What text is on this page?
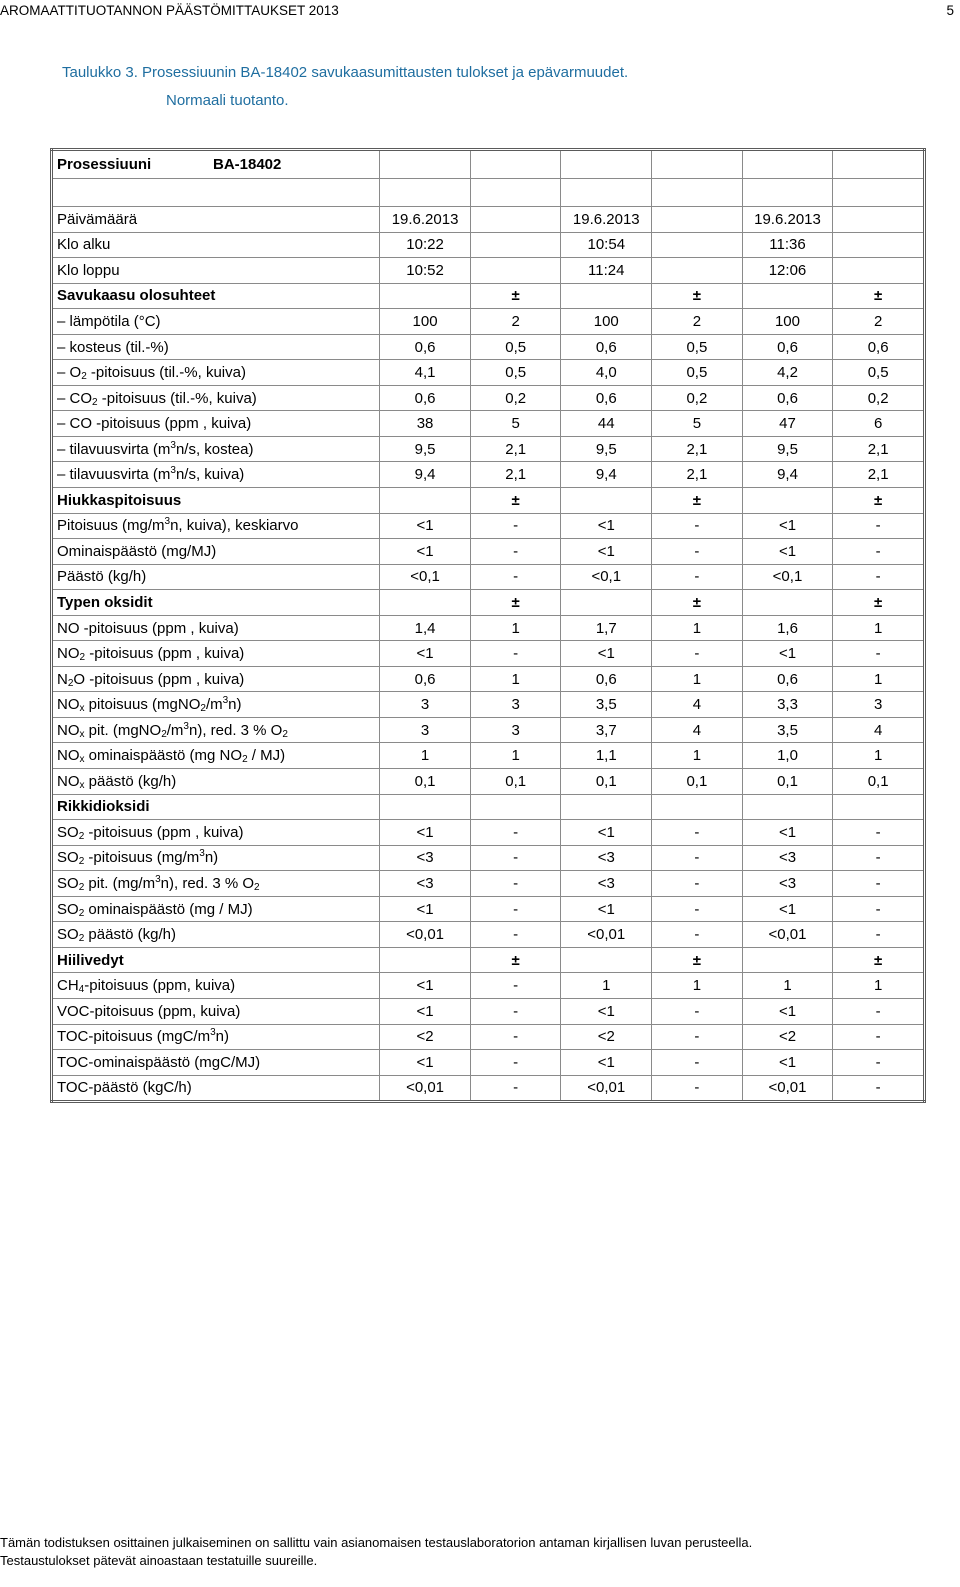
AROMAATTITUOTANNON PÄÄSTÖMITTAUKSET 2013	5
Taulukko 3. Prosessiuunin BA-18402 savukaasumittausten tulokset ja epävarmuudet.
Normaali tuotanto.
Prosessiuuni BA-18402						

Päivämäärä	19.6.2013		19.6.2013		19.6.2013	
Klo alku	10:22		10:54		11:36	
Klo loppu	10:52		11:24		12:06	
Savukaasu olosuhteet		±		±		±
– lämpötila (°C)	100	2	100	2	100	2
– kosteus (til.-%)	0,6	0,5	0,6	0,5	0,6	0,6
– $O_2$ -pitoisuus (til.-%, kuiva)	4,1	0,5	4,0	0,5	4,2	0,5
– $CO_2$ -pitoisuus (til.-%, kuiva)	0,6	0,2	0,6	0,2	0,6	0,2
– CO -pitoisuus (ppm , kuiva)	38	5	44	5	47	6
– tilavuusvirta ($m^3n/s$, kostea)	9,5	2,1	9,5	2,1	9,5	2,1
– tilavuusvirta ($m^3n/s$, kuiva)	9,4	2,1	9,4	2,1	9,4	2,1
Hiukkaspitoisuus		±		±		±
Pitoisuus ($mg/m^3n$, kuiva), keskiarvo	<1	-	<1	-	<1	-
Ominaispäästö (mg/MJ)	<1	-	<1	-	<1	-
Päästö (kg/h)	<0,1	-	<0,1	-	<0,1	-
Typen oksidit		±		±		±
NO -pitoisuus (ppm , kuiva)	1,4	1	1,7	1	1,6	1
$NO_2$ -pitoisuus (ppm , kuiva)	<1	-	<1	-	<1	-
$N_2O$ -pitoisuus (ppm , kuiva)	0,6	1	0,6	1	0,6	1
$NO_x$ pitoisuus $(mgNO_2/m^3n)$	3	3	3,5	4	3,3	3
$NO_x$ pit. $(mgNO_2/m^3n)$, red. 3 % $O_2$	3	3	3,7	4	3,5	4
$NO_x$ ominaispäästö (mg $NO_2 / MJ$)	1	1	1,1	1	1,0	1
$NO_x$ päästö (kg/h)	0,1	0,1	0,1	0,1	0,1	0,1
Rikkidioksidi						
$SO_2$ -pitoisuus (ppm , kuiva)	<1	-	<1	-	<1	-
$SO_2$ -pitoisuus $(mg/m^3n)$	<3	-	<3	-	<3	-
$SO_2$ pit. $(mg/m^3n)$, red. 3 % $O_2$	<3	-	<3	-	<3	-
$SO_2$ ominaispäästö (mg / MJ)	<1	-	<1	-	<1	-
$SO_2$ päästö (kg/h)	<0,01	-	<0,01	-	<0,01	-
Hiilivedyt		±		±		±
$CH_4$-pitoisuus (ppm, kuiva)	<1	-	1	1	1	1
VOC-pitoisuus (ppm, kuiva)	<1	-	<1	-	<1	-
TOC-pitoisuus $(mgC/m^3n)$	<2	-	<2	-	<2	-
TOC-ominaispäästö (mgC/MJ)	<1	-	<1	-	<1	-
TOC-päästö (kgC/h)	<0,01	-	<0,01	-	<0,01	-
Tämän todistuksen osittainen julkaiseminen on sallittu vain asianomaisen testauslaboratorion antaman kirjallisen luvan perusteella.
Testaustulokset pätevät ainoastaan testatuille suureille.
